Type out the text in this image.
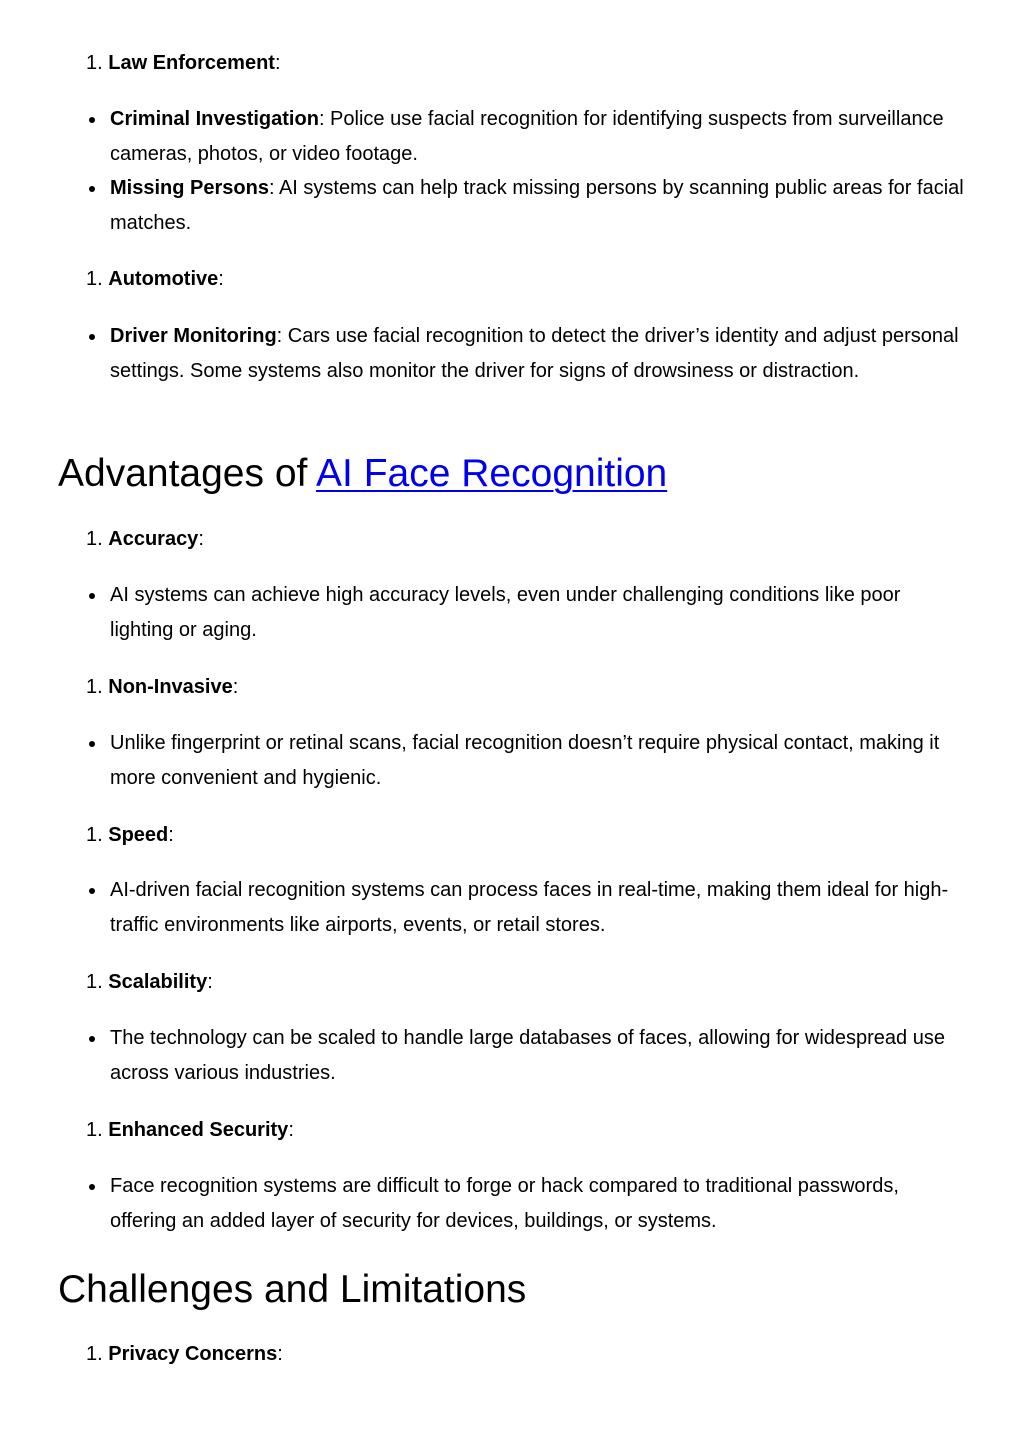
1. Law Enforcement:

Criminal Investigation: Police use facial recognition for identifying suspects from surveillance cameras, photos, or video footage.
Missing Persons: AI systems can help track missing persons by scanning public areas for facial matches.

1. Automotive:

Driver Monitoring: Cars use facial recognition to detect the driver’s identity and adjust personal settings. Some systems also monitor the driver for signs of drowsiness or distraction.
Advantages of AI Face Recognition

1. Accuracy:

AI systems can achieve high accuracy levels, even under challenging conditions like poor lighting or aging.

1. Non-Invasive:

Unlike fingerprint or retinal scans, facial recognition doesn’t require physical contact, making it more convenient and hygienic.

1. Speed:

AI-driven facial recognition systems can process faces in real-time, making them ideal for high-traffic environments like airports, events, or retail stores.

1. Scalability:

The technology can be scaled to handle large databases of faces, allowing for widespread use across various industries.

1. Enhanced Security:

Face recognition systems are difficult to forge or hack compared to traditional passwords, offering an added layer of security for devices, buildings, or systems.
Challenges and Limitations

1. Privacy Concerns:
